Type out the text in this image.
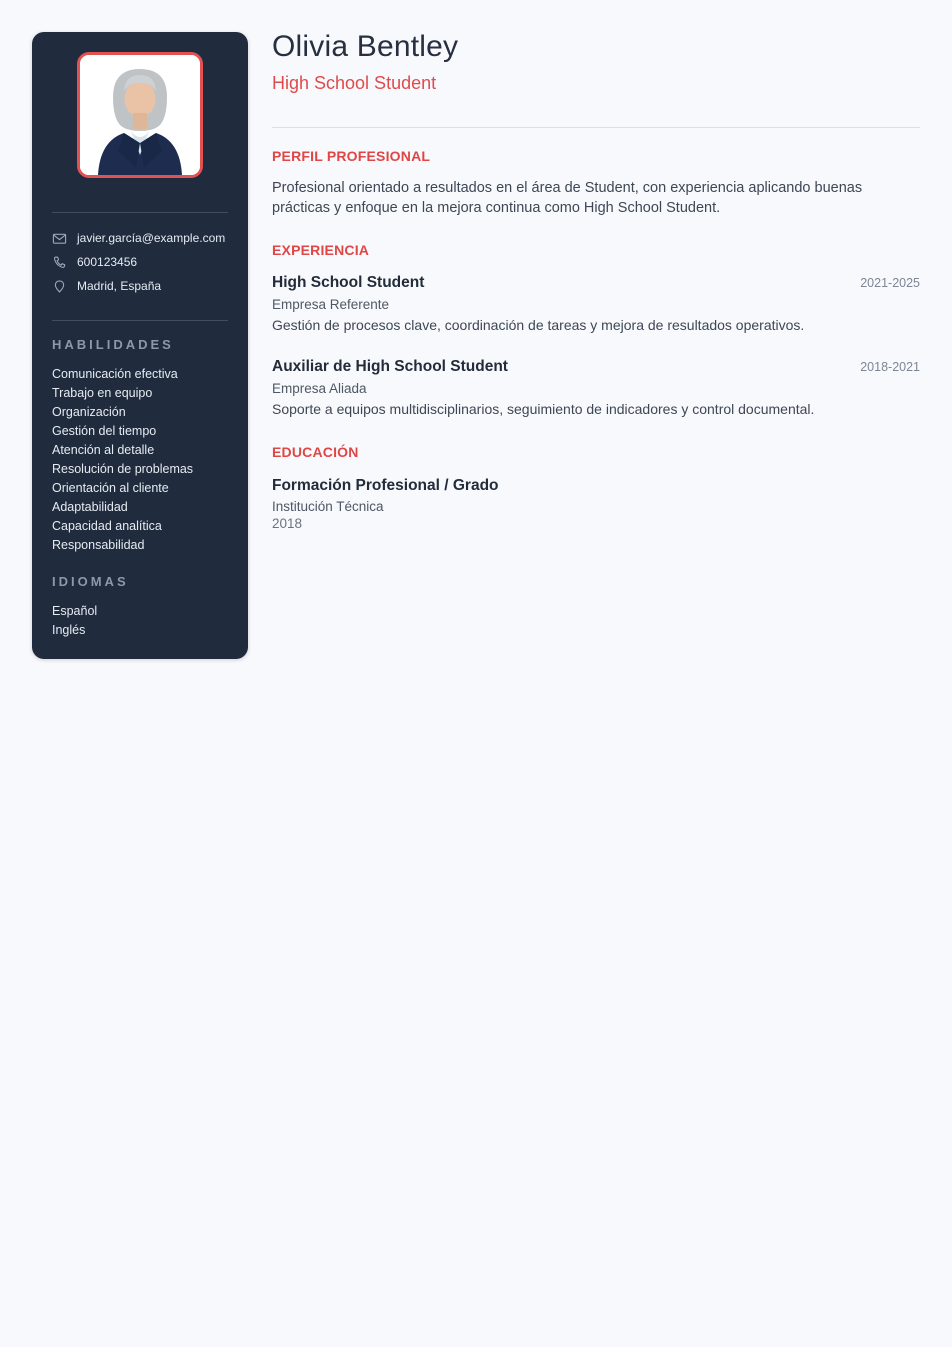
javier.garcía@example.com
600123456
Madrid, España
HABILIDADES
Comunicación efectiva
Trabajo en equipo
Organización
Gestión del tiempo
Atención al detalle
Resolución de problemas
Orientación al cliente
Adaptabilidad
Capacidad analítica
Responsabilidad
IDIOMAS
Español
Inglés
Olivia Bentley
High School Student
PERFIL PROFESIONAL

Profesional orientado a resultados en el área de Student, con experiencia aplicando buenas prácticas y enfoque en la mejora continua como High School Student.

EXPERIENCIA
High School Student	2021-2025
Empresa Referente

Gestión de procesos clave, coordinación de tareas y mejora de resultados operativos.

Auxiliar de High School Student	2018-2021
Empresa Aliada

Soporte a equipos multidisciplinarios, seguimiento de indicadores y control documental.

EDUCACIÓN
Formación Profesional / Grado
Institución Técnica
2018
